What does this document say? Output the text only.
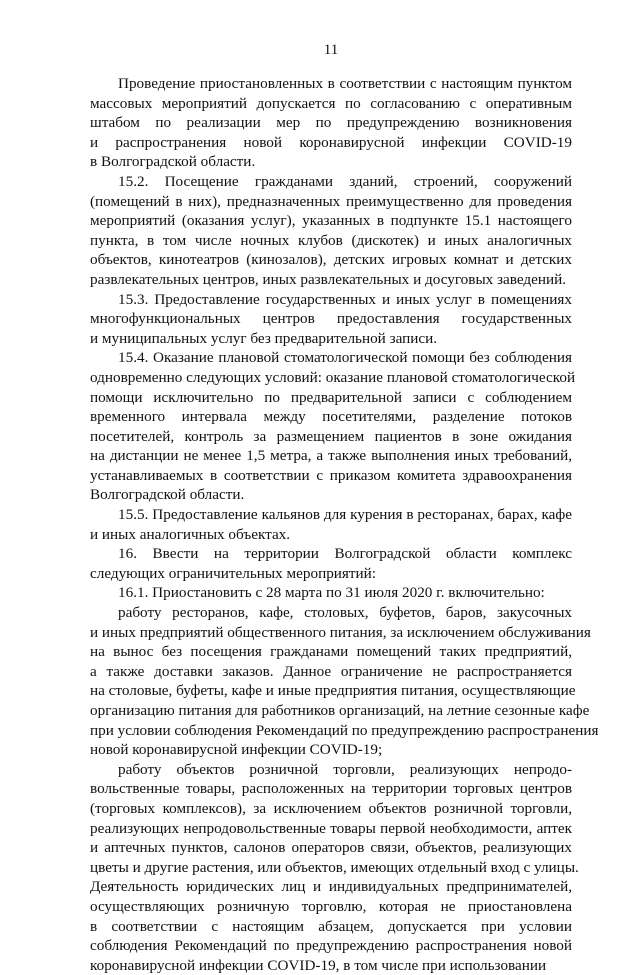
11
Проведение приостановленных в соответствии с настоящим пунктом
массовых мероприятий допускается по согласованию с оперативным
штабом по реализации мер по предупреждению возникновения
и распространения новой коронавирусной инфекции COVID-19
в Волгоградской области.
15.2. Посещение гражданами зданий, строений, сооружений
(помещений в них), предназначенных преимущественно для проведения
мероприятий (оказания услуг), указанных в подпункте 15.1 настоящего
пункта, в том числе ночных клубов (дискотек) и иных аналогичных
объектов, кинотеатров (кинозалов), детских игровых комнат и детских
развлекательных центров, иных развлекательных и досуговых заведений.
15.3. Предоставление государственных и иных услуг в помещениях
многофункциональных центров предоставления государственных
и муниципальных услуг без предварительной записи.
15.4. Оказание плановой стоматологической помощи без соблюдения
одновременно следующих условий: оказание плановой стоматологической
помощи исключительно по предварительной записи с соблюдением
временного интервала между посетителями, разделение потоков
посетителей, контроль за размещением пациентов в зоне ожидания
на дистанции не менее 1,5 метра, а также выполнения иных требований,
устанавливаемых в соответствии с приказом комитета здравоохранения
Волгоградской области.
15.5. Предоставление кальянов для курения в ресторанах, барах, кафе
и иных аналогичных объектах.
16. Ввести на территории Волгоградской области комплекс
следующих ограничительных мероприятий:
16.1. Приостановить с 28 марта по 31 июля 2020 г. включительно:
работу ресторанов, кафе, столовых, буфетов, баров, закусочных
и иных предприятий общественного питания, за исключением обслуживания
на вынос без посещения гражданами помещений таких предприятий,
а также доставки заказов. Данное ограничение не распространяется
на столовые, буфеты, кафе и иные предприятия питания, осуществляющие
организацию питания для работников организаций, на летние сезонные кафе
при условии соблюдения Рекомендаций по предупреждению распространения
новой коронавирусной инфекции COVID-19;
работу объектов розничной торговли, реализующих непродо-
вольственные товары, расположенных на территории торговых центров
(торговых комплексов), за исключением объектов розничной торговли,
реализующих непродовольственные товары первой необходимости, аптек
и аптечных пунктов, салонов операторов связи, объектов, реализующих
цветы и другие растения, или объектов, имеющих отдельный вход с улицы.
Деятельность юридических лиц и индивидуальных предпринимателей,
осуществляющих розничную торговлю, которая не приостановлена
в соответствии с настоящим абзацем, допускается при условии
соблюдения Рекомендаций по предупреждению распространения новой
коронавирусной инфекции COVID-19, в том числе при использовании
